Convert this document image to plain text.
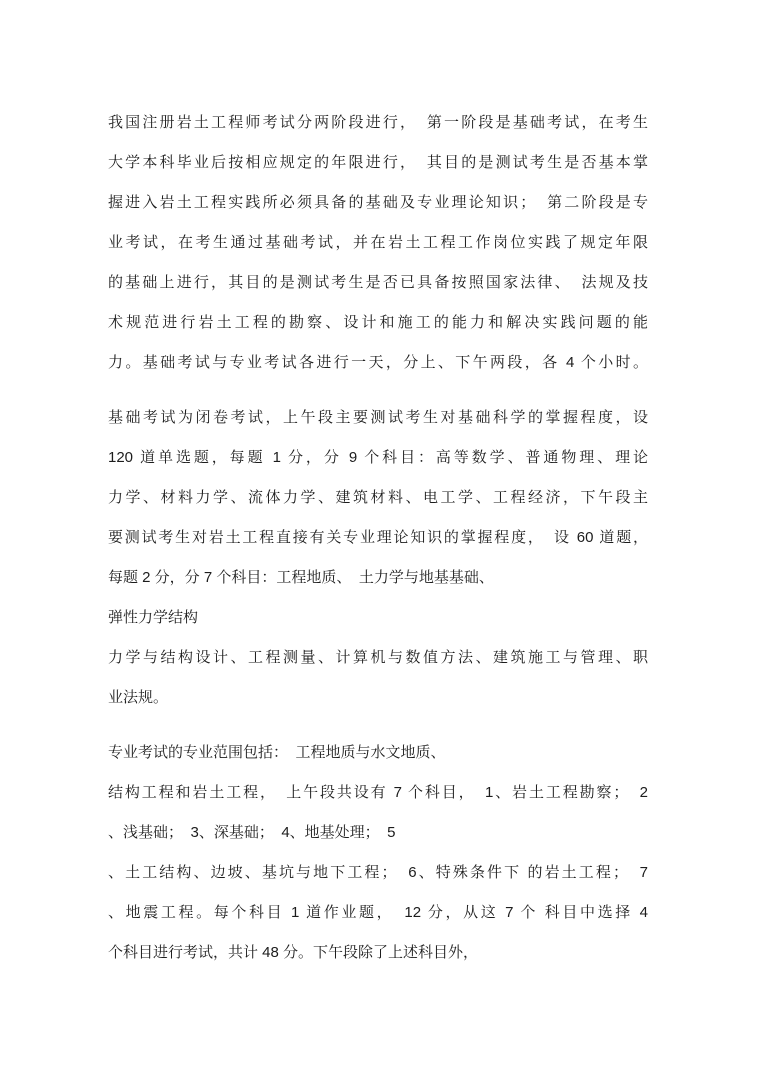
我国注册岩土工程师考试分两阶段进行，　第一阶段是基础考试，在考生
大学本科毕业后按相应规定的年限进行，　其目的是测试考生是否基本掌
握进入岩土工程实践所必须具备的基础及专业理论知识；　第二阶段是专
业考试，在考生通过基础考试，并在岩土工程工作岗位实践了规定年限
的基础上进行，其目的是测试考生是否已具备按照国家法律、　法规及技
术规范进行岩土工程的勘察、设计和施工的能力和解决实践问题的能
力。基础考试与专业考试各进行一天，分上、下午两段，各 4 个小时。
基础考试为闭卷考试，上午段主要测试考生对基础科学的掌握程度，设
120 道单选题，每题 1 分，分 9 个科目：高等数学、普通物理、理论
力学、材料力学、流体力学、建筑材料、电工学、工程经济，下午段主
要测试考生对岩土工程直接有关专业理论知识的掌握程度，　设 60 道题，
每题 2 分，分 7 个科目：工程地质、　土力学与地基基础、
弹性力学结构
力学与结构设计、工程测量、计算机与数值方法、建筑施工与管理、职
业法规。
专业考试的专业范围包括：　工程地质与水文地质、
结构工程和岩土工程，　上午段共设有 7 个科目，　1、岩土工程勘察；　2
、浅基础；　3、深基础；　4、地基处理；　5
、土工结构、边坡、基坑与地下工程；　6、特殊条件下 的岩土工程；　7
、地震工程。每个科目 1 道作业题，　12 分，从这 7 个 科目中选择 4
个科目进行考试，共计 48 分。下午段除了上述科目外，
